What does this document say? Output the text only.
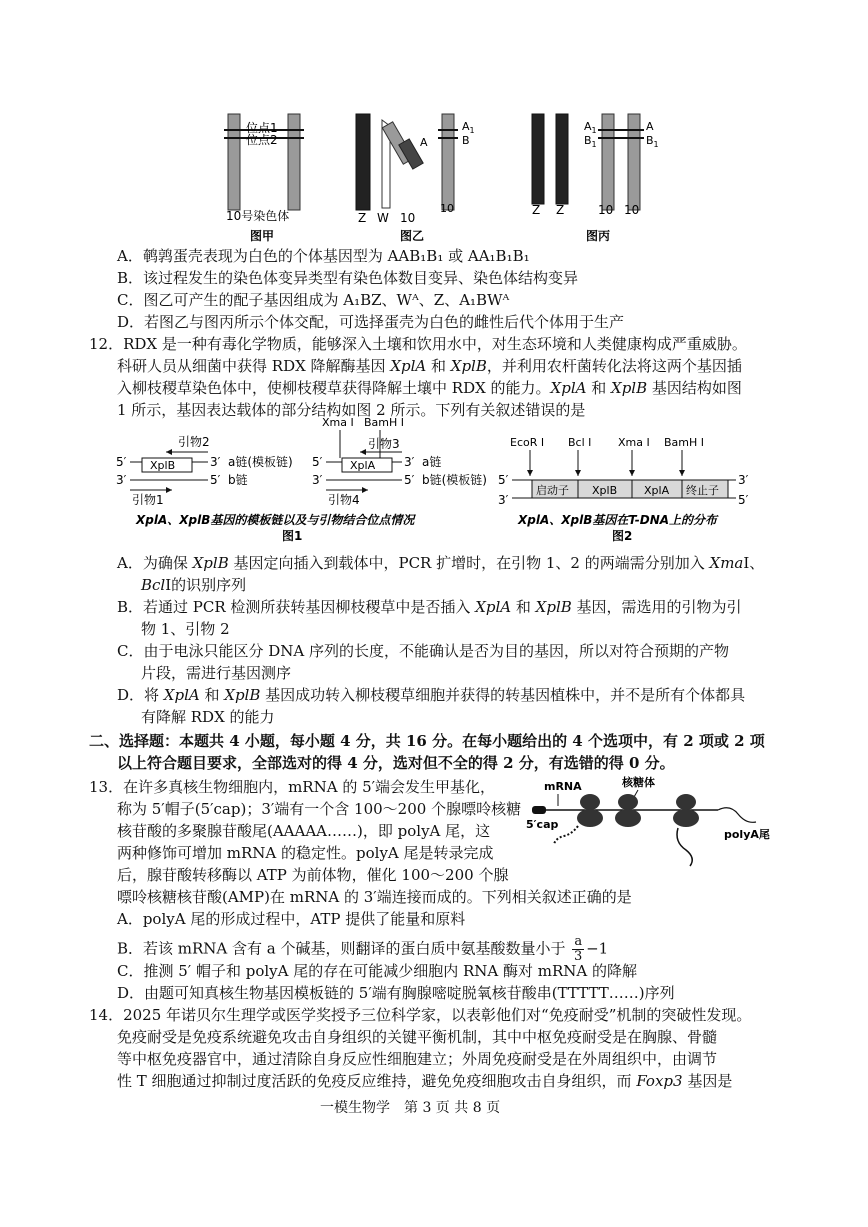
位点1
位点2
10号染色体
图甲
A
$A_1$
B
Z W 10
10
图乙
$A_1$
$B_1$
A
$B_1$
Z Z	10 10
图丙
A．鹌鹑蛋壳表现为白色的个体基因型为 AAB₁B₁ 或 AA₁B₁B₁
B．该过程发生的染色体变异类型有染色体数目变异、染色体结构变异
C．图乙可产生的配子基因组成为 A₁BZ、Wᴬ、Z、A₁BWᴬ
D．若图乙与图丙所示个体交配，可选择蛋壳为白色的雌性后代个体用于生产
12．RDX 是一种有毒化学物质，能够深入土壤和饮用水中，对生态环境和人类健康构成严重威胁。
科研人员从细菌中获得 RDX 降解酶基因 XplA 和 XplB，并利用农杆菌转化法将这两个基因插
入柳枝稷草染色体中，使柳枝稷草获得降解土壤中 RDX 的能力。XplA 和 XplB 基因结构如图
1 所示，基因表达载体的部分结构如图 2 所示。下列有关叙述错误的是
引物2
5′ XplB	3′ a链(模板链)
3′	5′ b链
引物1
Xma Ⅰ BamH Ⅰ
引物3
5′	XplA 3′ a链
3′	5′ b链(模板链)
引物4
EcoR Ⅰ Bcl Ⅰ Xma Ⅰ BamH Ⅰ
5′	3′
启动子 XplB XplA 终止子
3′	5′
XplA、XplB基因的模板链以及与引物结合位点情况
图1
XplA、XplB基因在T-DNA上的分布
图2
A．为确保 XplB 基因定向插入到载体中，PCR 扩增时，在引物 1、2 的两端需分别加入 XmaⅠ、
BclⅠ的识别序列
B．若通过 PCR 检测所获转基因柳枝稷草中是否插入 XplA 和 XplB 基因，需选用的引物为引
物 1、引物 2
C．由于电泳只能区分 DNA 序列的长度，不能确认是否为目的基因，所以对符合预期的产物
片段，需进行基因测序
D．将 XplA 和 XplB 基因成功转入柳枝稷草细胞并获得的转基因植株中，并不是所有个体都具
有降解 RDX 的能力
二、选择题：本题共 4 小题，每小题 4 分，共 16 分。在每小题给出的 4 个选项中，有 2 项或 2 项
以上符合题目要求，全部选对的得 4 分，选对但不全的得 2 分，有选错的得 0 分。
13．在许多真核生物细胞内，mRNA 的 5′端会发生甲基化，
称为 5′帽子(5′cap)；3′端有一个含 100～200 个腺嘌呤核糖
核苷酸的多聚腺苷酸尾(AAAAA……)，即 polyA 尾，这
两种修饰可增加 mRNA 的稳定性。polyA 尾是转录完成
后，腺苷酸转移酶以 ATP 为前体物，催化 100～200 个腺
嘌呤核糖核苷酸(AMP)在 mRNA 的 3′端连接而成的。下列相关叙述正确的是
mRNA	核糖体
5′cap
polyA尾
A．polyA 尾的形成过程中，ATP 提供了能量和原料
B．若该 mRNA 含有 a 个碱基，则翻译的蛋白质中氨基酸数量小于 $\frac{a}{3} -1$
C．推测 5′ 帽子和 polyA 尾的存在可能减少细胞内 RNA 酶对 mRNA 的降解
D．由题可知真核生物基因模板链的 5′端有胸腺嘧啶脱氧核苷酸串(TTTTT……)序列
14．2025 年诺贝尔生理学或医学奖授予三位科学家，以表彰他们对“免疫耐受”机制的突破性发现。
免疫耐受是免疫系统避免攻击自身组织的关键平衡机制，其中中枢免疫耐受是在胸腺、骨髓
等中枢免疫器官中，通过清除自身反应性细胞建立；外周免疫耐受是在外周组织中，由调节
性 T 细胞通过抑制过度活跃的免疫反应维持，避免免疫细胞攻击自身组织，而 Foxp3 基因是
一模生物学　第 3 页 共 8 页
